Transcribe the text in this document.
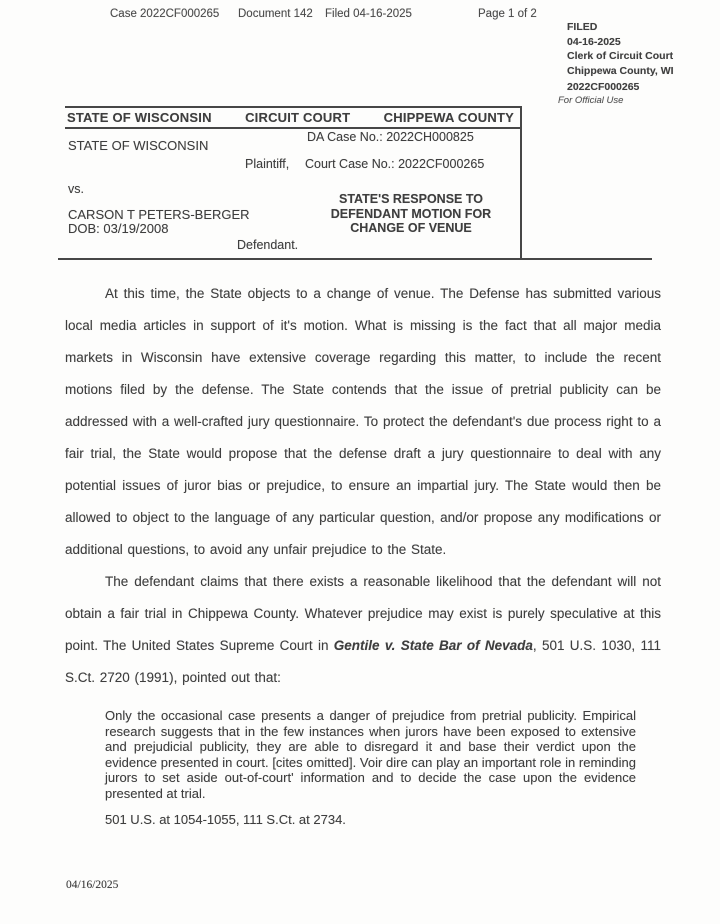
Case 2022CF000265 Document 142 Filed 04-16-2025	Page 1 of 2
FILED
04-16-2025
Clerk of Circuit Court
Chippewa County, WI
2022CF000265
For Official Use
STATE OF WISCONSIN	CIRCUIT COURT	CHIPPEWA COUNTY
STATE OF WISCONSIN
Plaintiff,
vs.
CARSON T PETERS-BERGER
DOB: 03/19/2008
Defendant.
DA Case No.: 2022CH000825
Court Case No.: 2022CF000265
STATE'S RESPONSE TO DEFENDANT MOTION FOR CHANGE OF VENUE

At this time, the State objects to a change of venue. The Defense has submitted various local media articles in support of it's motion. What is missing is the fact that all major media markets in Wisconsin have extensive coverage regarding this matter, to include the recent motions filed by the defense. The State contends that the issue of pretrial publicity can be addressed with a well-crafted jury questionnaire. To protect the defendant's due process right to a fair trial, the State would propose that the defense draft a jury questionnaire to deal with any potential issues of juror bias or prejudice, to ensure an impartial jury. The State would then be allowed to object to the language of any particular question, and/or propose any modifications or additional questions, to avoid any unfair prejudice to the State.

The defendant claims that there exists a reasonable likelihood that the defendant will not obtain a fair trial in Chippewa County. Whatever prejudice may exist is purely speculative at this point. The United States Supreme Court in Gentile v. State Bar of Nevada, 501 U.S. 1030, 111 S.Ct. 2720 (1991), pointed out that:

Only the occasional case presents a danger of prejudice from pretrial publicity. Empirical research suggests that in the few instances when jurors have been exposed to extensive and prejudicial publicity, they are able to disregard it and base their verdict upon the evidence presented in court. [cites omitted]. Voir dire can play an important role in reminding jurors to set aside out-of-court' information and to decide the case upon the evidence presented at trial.
501 U.S. at 1054-1055, 111 S.Ct. at 2734.
04/16/2025
